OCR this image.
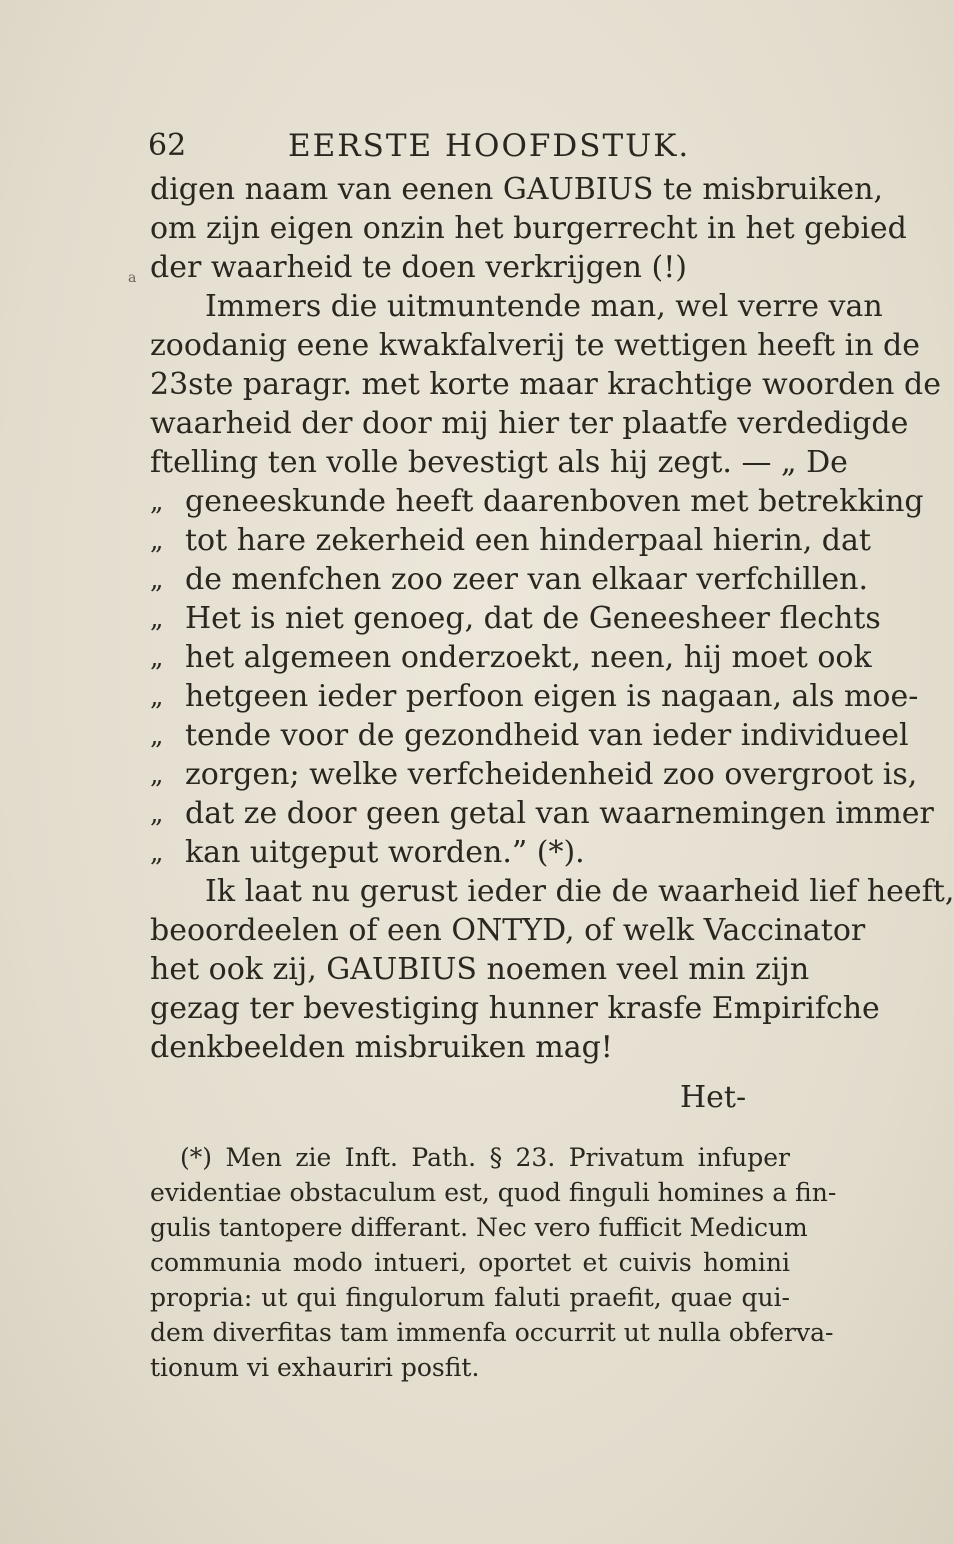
62	EERSTE HOOFDSTUK.
a
digen naam van eenen GAUBIUS te misbruiken,
om zijn eigen onzin het burgerrecht in het gebied
der waarheid te doen verkrijgen (!)
Immers die uitmuntende man, wel verre van
zoodanig eene kwakfalverij te wettigen heeft in de
23ste paragr. met korte maar krachtige woorden de
waarheid der door mij hier ter plaatfe verdedigde
ftelling ten volle bevestigt als hij zegt. — „ De
„ geneeskunde heeft daarenboven met betrekking
„ tot hare zekerheid een hinderpaal hierin, dat
„ de menfchen zoo zeer van elkaar verfchillen.
„ Het is niet genoeg, dat de Geneesheer flechts
„ het algemeen onderzoekt, neen, hij moet ook
„ hetgeen ieder perfoon eigen is nagaan, als moe-
„ tende voor de gezondheid van ieder individueel
„ zorgen; welke verfcheidenheid zoo overgroot is,
„ dat ze door geen getal van waarnemingen immer
„ kan uitgeput worden.” (*).
Ik laat nu gerust ieder die de waarheid lief heeft,
beoordeelen of een ONTYD, of welk Vaccinator
het ook zij, GAUBIUS noemen veel min zijn
gezag ter bevestiging hunner krasfe Empirifche
denkbeelden misbruiken mag!
Het-
(*) Men zie Inft. Path. § 23. Privatum infuper
evidentiae obstaculum est, quod finguli homines a fin-
gulis tantopere differant. Nec vero fufficit Medicum
communia modo intueri, oportet et cuivis homini
propria: ut qui fingulorum faluti praefit, quae qui-
dem diverfitas tam immenfa occurrit ut nulla obferva-
tionum vi exhauriri posfit.
